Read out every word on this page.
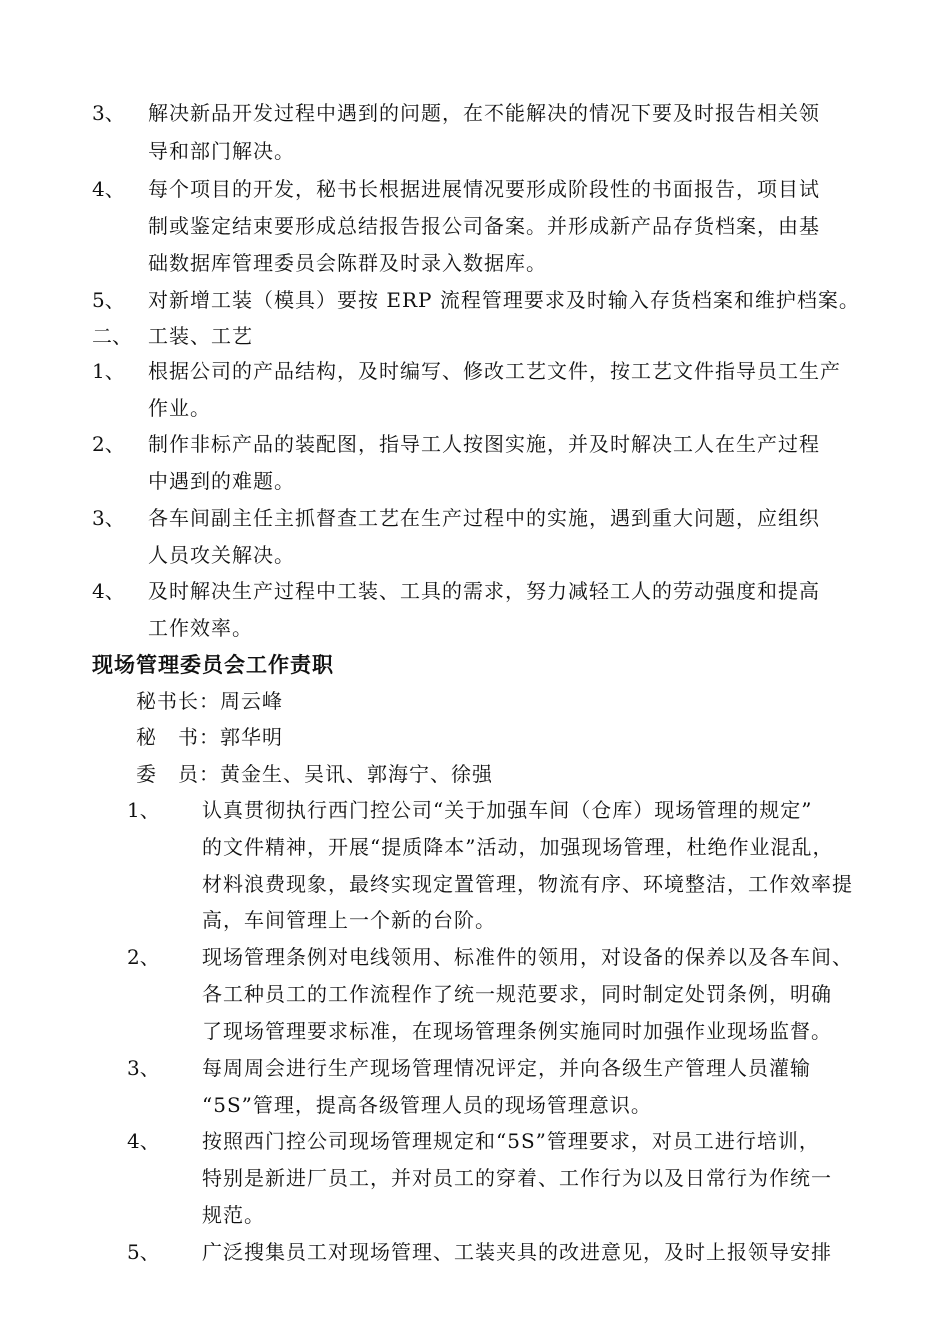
3、 解决新品开发过程中遇到的问题，在不能解决的情况下要及时报告相关领
导和部门解决。
4、 每个项目的开发，秘书长根据进展情况要形成阶段性的书面报告，项目试
制或鉴定结束要形成总结报告报公司备案。并形成新产品存货档案，由基
础数据库管理委员会陈群及时录入数据库。
5、 对新增工装（模具）要按 ERP 流程管理要求及时输入存货档案和维护档案。
二、 工装、工艺
1、 根据公司的产品结构，及时编写、修改工艺文件，按工艺文件指导员工生产
作业。
2、 制作非标产品的装配图，指导工人按图实施，并及时解决工人在生产过程
中遇到的难题。
3、 各车间副主任主抓督查工艺在生产过程中的实施，遇到重大问题，应组织
人员攻关解决。
4、 及时解决生产过程中工装、工具的需求，努力减轻工人的劳动强度和提高
工作效率。
现场管理委员会工作责职
秘书长：周云峰
秘　书：郭华明
委　员：黄金生、吴讯、郭海宁、徐强
1、 认真贯彻执行西门控公司“关于加强车间（仓库）现场管理的规定”
的文件精神，开展“提质降本”活动，加强现场管理，杜绝作业混乱，
材料浪费现象，最终实现定置管理，物流有序、环境整洁，工作效率提
高，车间管理上一个新的台阶。
2、 现场管理条例对电线领用、标准件的领用，对设备的保养以及各车间、
各工种员工的工作流程作了统一规范要求，同时制定处罚条例，明确
了现场管理要求标准，在现场管理条例实施同时加强作业现场监督。
3、 每周周会进行生产现场管理情况评定，并向各级生产管理人员灌输
“5S”管理，提高各级管理人员的现场管理意识。
4、 按照西门控公司现场管理规定和“5S”管理要求，对员工进行培训，
特别是新进厂员工，并对员工的穿着、工作行为以及日常行为作统一
规范。
5、 广泛搜集员工对现场管理、工装夹具的改进意见，及时上报领导安排
